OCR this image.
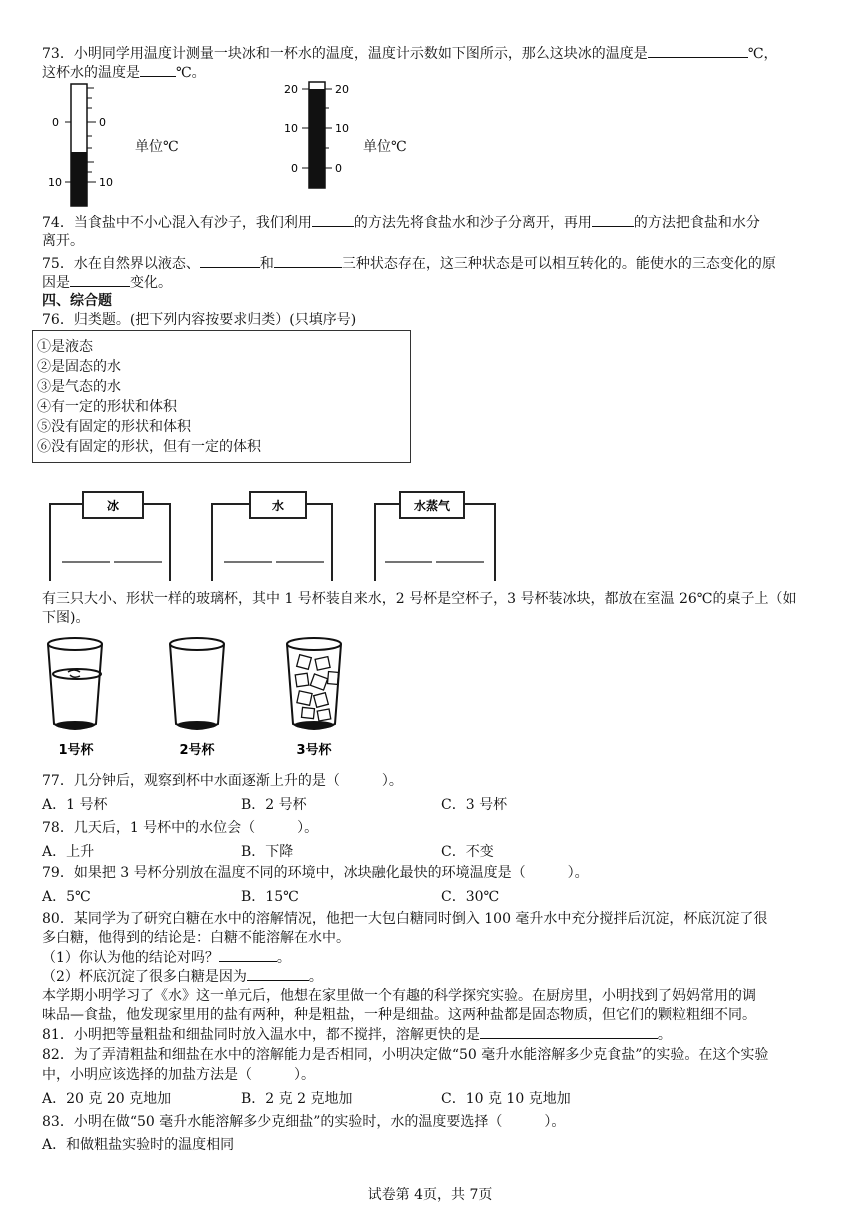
73．小明同学用温度计测量一块冰和一杯水的温度，温度计示数如下图所示，那么这块冰的温度是	℃，
这杯水的温度是	℃。
0	0
10	10
单位℃
20	20
10	10
0	0
单位℃
74．当食盐中不小心混入有沙子，我们利用	的方法先将食盐水和沙子分离开，再用	的方法把食盐和水分
离开。
75．水在自然界以液态、	和	三种状态存在，这三种状态是可以相互转化的。能使水的三态变化的原
因是	变化。
四、综合题
76．归类题。(把下列内容按要求归类）(只填序号)
①是液态
②是固态的水
③是气态的水
④有一定的形状和体积
⑤没有固定的形状和体积
⑥没有固定的形状，但有一定的体积
冰	水	水蒸气
有三只大小、形状一样的玻璃杯，其中 1 号杯装自来水，2 号杯是空杯子，3 号杯装冰块，都放在室温 26℃的桌子上（如
下图)。
1号杯	2号杯	3号杯
77．几分钟后，观察到杯中水面逐渐上升的是（　　　）。
A．1 号杯	B．2 号杯	C．3 号杯
78．几天后，1 号杯中的水位会（　　　）。
A．上升	B．下降	C．不变
79．如果把 3 号杯分别放在温度不同的环境中，冰块融化最快的环境温度是（　　　）。
A．5℃	B．15℃	C．30℃
80．某同学为了研究白糖在水中的溶解情况，他把一大包白糖同时倒入 100 毫升水中充分搅拌后沉淀，杯底沉淀了很
多白糖，他得到的结论是：白糖不能溶解在水中。
（1）你认为他的结论对吗？	。
（2）杯底沉淀了很多白糖是因为	。
本学期小明学习了《水》这一单元后，他想在家里做一个有趣的科学探究实验。在厨房里，小明找到了妈妈常用的调
味品—食盐，他发现家里用的盐有两种，种是粗盐，一种是细盐。这两种盐都是固态物质，但它们的颗粒粗细不同。
81．小明把等量粗盐和细盐同时放入温水中，都不搅拌，溶解更快的是	。
82．为了弄清粗盐和细盐在水中的溶解能力是否相同，小明决定做“50 毫升水能溶解多少克食盐”的实验。在这个实验
中，小明应该选择的加盐方法是（　　　）。
A．20 克 20 克地加	B．2 克 2 克地加	C．10 克 10 克地加
83．小明在做“50 毫升水能溶解多少克细盐”的实验时，水的温度要选择（　　　）。
A．和做粗盐实验时的温度相同
试卷第 4页，共 7页
